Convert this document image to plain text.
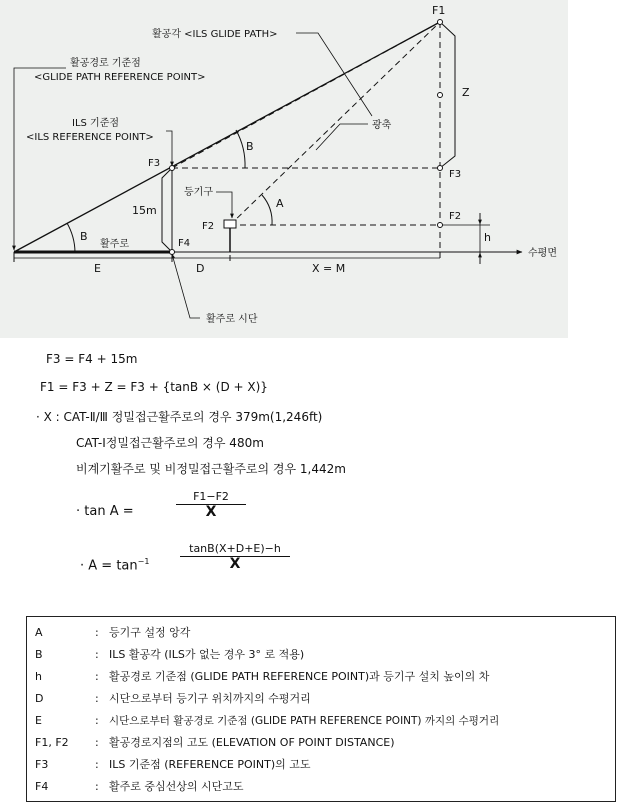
F1
활공각 <ILS GLIDE PATH>
활공경로 기준점
<GLIDE PATH REFERENCE POINT>
ILS 기준점
<ILS REFERENCE POINT>
광축
Z
F3
F3
B
등기구
A
F2
F2
15m
B
활주로	F4	h
수평면
E	D	X = M
활주로 시단
F3 = F4 + 15m
F1 = F3 + Z = F3 + {tanB × (D + X)}
· X : CAT-Ⅱ/Ⅲ 정밀접근활주로의 경우 379m(1,246ft)
CAT-Ⅰ정밀접근활주로의 경우 480m
비계기활주로 및 비정밀접근활주로의 경우 1,442m
· tan A =
F1−F2
X
· $A = \tan^{-1}$
tanB(X+D+E)−h
X
A	: 등기구 설정 앙각
B	: ILS 활공각 (ILS가 없는 경우 3° 로 적용)
h	: 활공경로 기준점 (GLIDE PATH REFERENCE POINT)과 등기구 설치 높이의 차
D	: 시단으로부터 등기구 위치까지의 수평거리
E	: 시단으로부터 활공경로 기준점 (GLIDE PATH REFERENCE POINT) 까지의 수평거리
F1, F2 : 활공경로지점의 고도 (ELEVATION OF POINT DISTANCE)
F3	: ILS 기준점 (REFERENCE POINT)의 고도
F4	: 활주로 중심선상의 시단고도
